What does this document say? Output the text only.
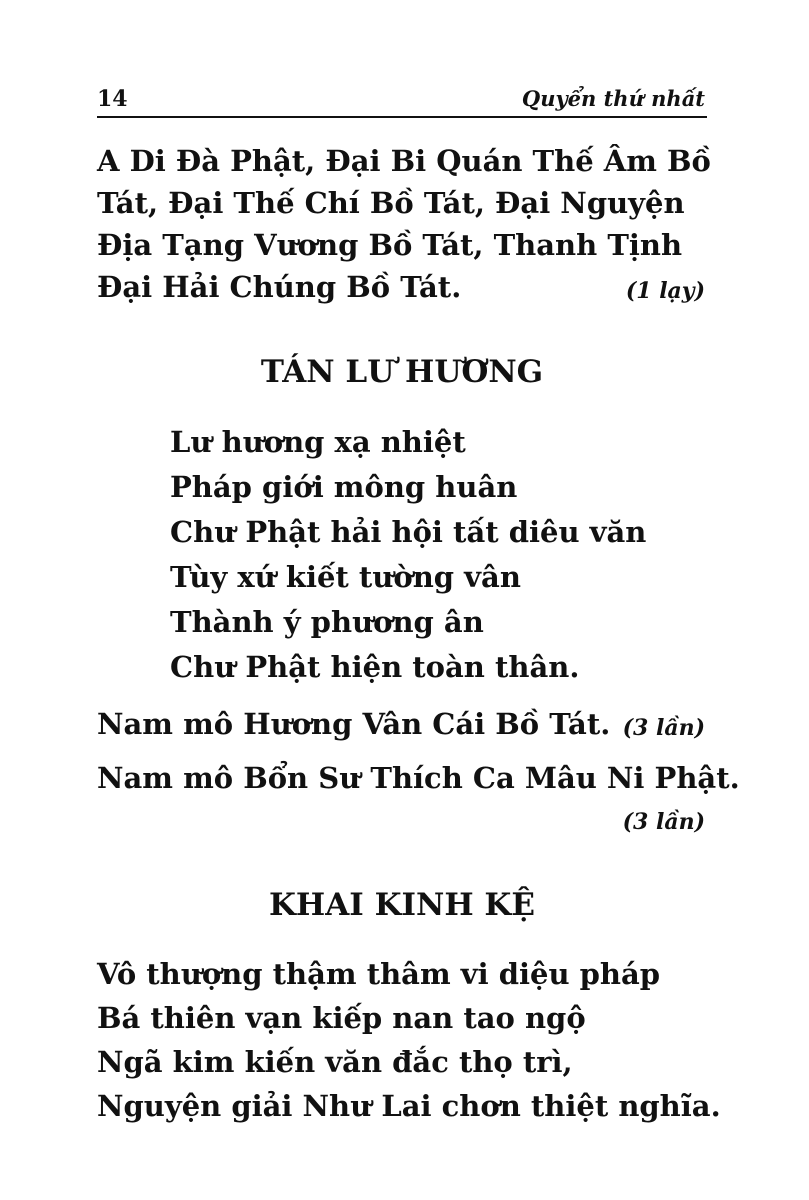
14	Quyển thứ nhất
A Di Đà Phật, Đại Bi Quán Thế Âm Bồ
Tát, Đại Thế Chí Bồ Tát, Đại Nguyện
Địa Tạng Vương Bồ Tát, Thanh Tịnh
Đại Hải Chúng Bồ Tát.	(1 lạy)
TÁN LƯ HƯƠNG
Lư hương xạ nhiệt
Pháp giới mông huân
Chư Phật hải hội tất diêu văn
Tùy xứ kiết tường vân
Thành ý phương ân
Chư Phật hiện toàn thân.
Nam mô Hương Vân Cái Bồ Tát. (3 lần)
Nam mô Bổn Sư Thích Ca Mâu Ni Phật.
(3 lần)
KHAI KINH KỆ
Vô thượng thậm thâm vi diệu pháp
Bá thiên vạn kiếp nan tao ngộ
Ngã kim kiến văn đắc thọ trì,
Nguyện giải Như Lai chơn thiệt nghĩa.
